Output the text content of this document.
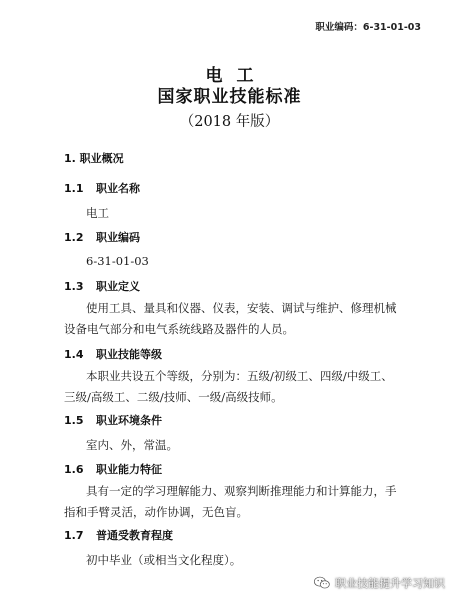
职业编码：6-31-01-03
电工
国家职业技能标准
（2018 年版）
1. 职业概况
1.1 职业名称
电工
1.2 职业编码
6-31-01-03
1.3 职业定义
使用工具、量具和仪器、仪表，安装、调试与维护、修理机械
设备电气部分和电气系统线路及器件的人员。
1.4 职业技能等级
本职业共设五个等级，分别为：五级/初级工、四级/中级工、
三级/高级工、二级/技师、一级/高级技师。
1.5 职业环境条件
室内、外，常温。
1.6 职业能力特征
具有一定的学习理解能力、观察判断推理能力和计算能力，手
指和手臂灵活，动作协调，无色盲。
1.7 普通受教育程度
初中毕业（或相当文化程度）。
职业技能提升学习知识
